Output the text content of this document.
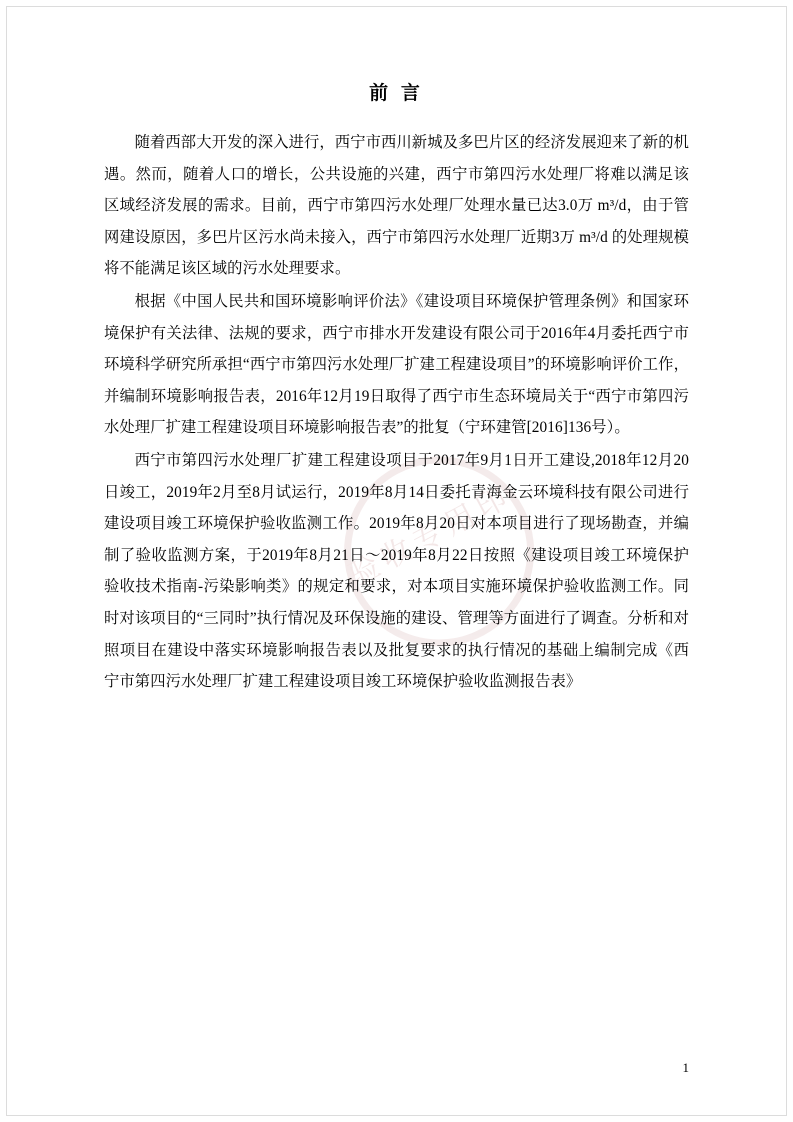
验收专用印
前 言

随着西部大开发的深入进行，西宁市西川新城及多巴片区的经济发展迎来了新的机遇。然而，随着人口的增长，公共设施的兴建，西宁市第四污水处理厂将难以满足该区域经济发展的需求。目前，西宁市第四污水处理厂处理水量已达3.0万 m³/d，由于管网建设原因，多巴片区污水尚未接入，西宁市第四污水处理厂近期3万 m³/d 的处理规模将不能满足该区域的污水处理要求。

根据《中国人民共和国环境影响评价法》《建设项目环境保护管理条例》和国家环境保护有关法律、法规的要求，西宁市排水开发建设有限公司于2016年4月委托西宁市环境科学研究所承担“西宁市第四污水处理厂扩建工程建设项目”的环境影响评价工作，并编制环境影响报告表，2016年12月19日取得了西宁市生态环境局关于“西宁市第四污水处理厂扩建工程建设项目环境影响报告表”的批复（宁环建管[2016]136号）。

西宁市第四污水处理厂扩建工程建设项目于2017年9月1日开工建设,2018年12月20日竣工，2019年2月至8月试运行，2019年8月14日委托青海金云环境科技有限公司进行建设项目竣工环境保护验收监测工作。2019年8月20日对本项目进行了现场勘查，并编制了验收监测方案，于2019年8月21日～2019年8月22日按照《建设项目竣工环境保护验收技术指南-污染影响类》的规定和要求，对本项目实施环境保护验收监测工作。同时对该项目的“三同时”执行情况及环保设施的建设、管理等方面进行了调查。分析和对照项目在建设中落实环境影响报告表以及批复要求的执行情况的基础上编制完成《西宁市第四污水处理厂扩建工程建设项目竣工环境保护验收监测报告表》

1
